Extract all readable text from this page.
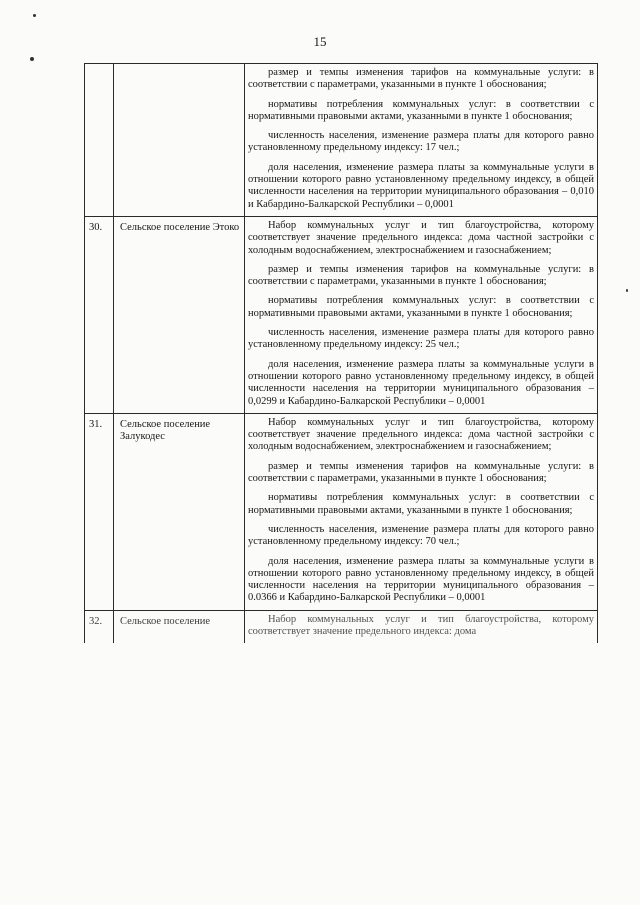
15

		размер и темпы изменения тарифов на коммунальные услуги: в соответствии с параметрами, указанными в пункте 1 обоснования;

нормативы потребления коммунальных услуг: в соответствии с нормативными правовыми актами, указанными в пункте 1 обоснования;

численность населения, изменение размера платы для которого равно установленному предельному индексу: 17 чел.;

доля населения, изменение размера платы за коммунальные услуги в отношении которого равно установленному предельному индексу, в общей численности населения на территории муниципального образования – 0,010 и Кабардино-Балкарской Республики – 0,0001

30.	Сельское поселение Этоко	Набор коммунальных услуг и тип благоустройства, которому соответствует значение предельного индекса: дома частной застройки с холодным водоснабжением, электроснабжением и газоснабжением;

размер и темпы изменения тарифов на коммунальные услуги: в соответствии с параметрами, указанными в пункте 1 обоснования;

нормативы потребления коммунальных услуг: в соответствии с нормативными правовыми актами, указанными в пункте 1 обоснования;

численность населения, изменение размера платы для которого равно установленному предельному индексу: 25 чел.;

доля населения, изменение размера платы за коммунальные услуги в отношении которого равно установленному предельному индексу, в общей численности населения на территории муниципального образования – 0,0299 и Кабардино-Балкарской Республики – 0,0001

31.	Сельское поселение Залукодес	Набор коммунальных услуг и тип благоустройства, которому соответствует значение предельного индекса: дома частной застройки с холодным водоснабжением, электроснабжением и газоснабжением;

размер и темпы изменения тарифов на коммунальные услуги: в соответствии с параметрами, указанными в пункте 1 обоснования;

нормативы потребления коммунальных услуг: в соответствии с нормативными правовыми актами, указанными в пункте 1 обоснования;

численность населения, изменение размера платы для которого равно установленному предельному индексу: 70 чел.;

доля населения, изменение размера платы за коммунальные услуги в отношении которого равно установленному предельному индексу, в общей численности населения на территории муниципального образования – 0.0366 и Кабардино-Балкарской Республики – 0,0001

32.	Сельское поселение	Набор коммунальных услуг и тип благоустройства, которому соответствует значение предельного индекса: дома
